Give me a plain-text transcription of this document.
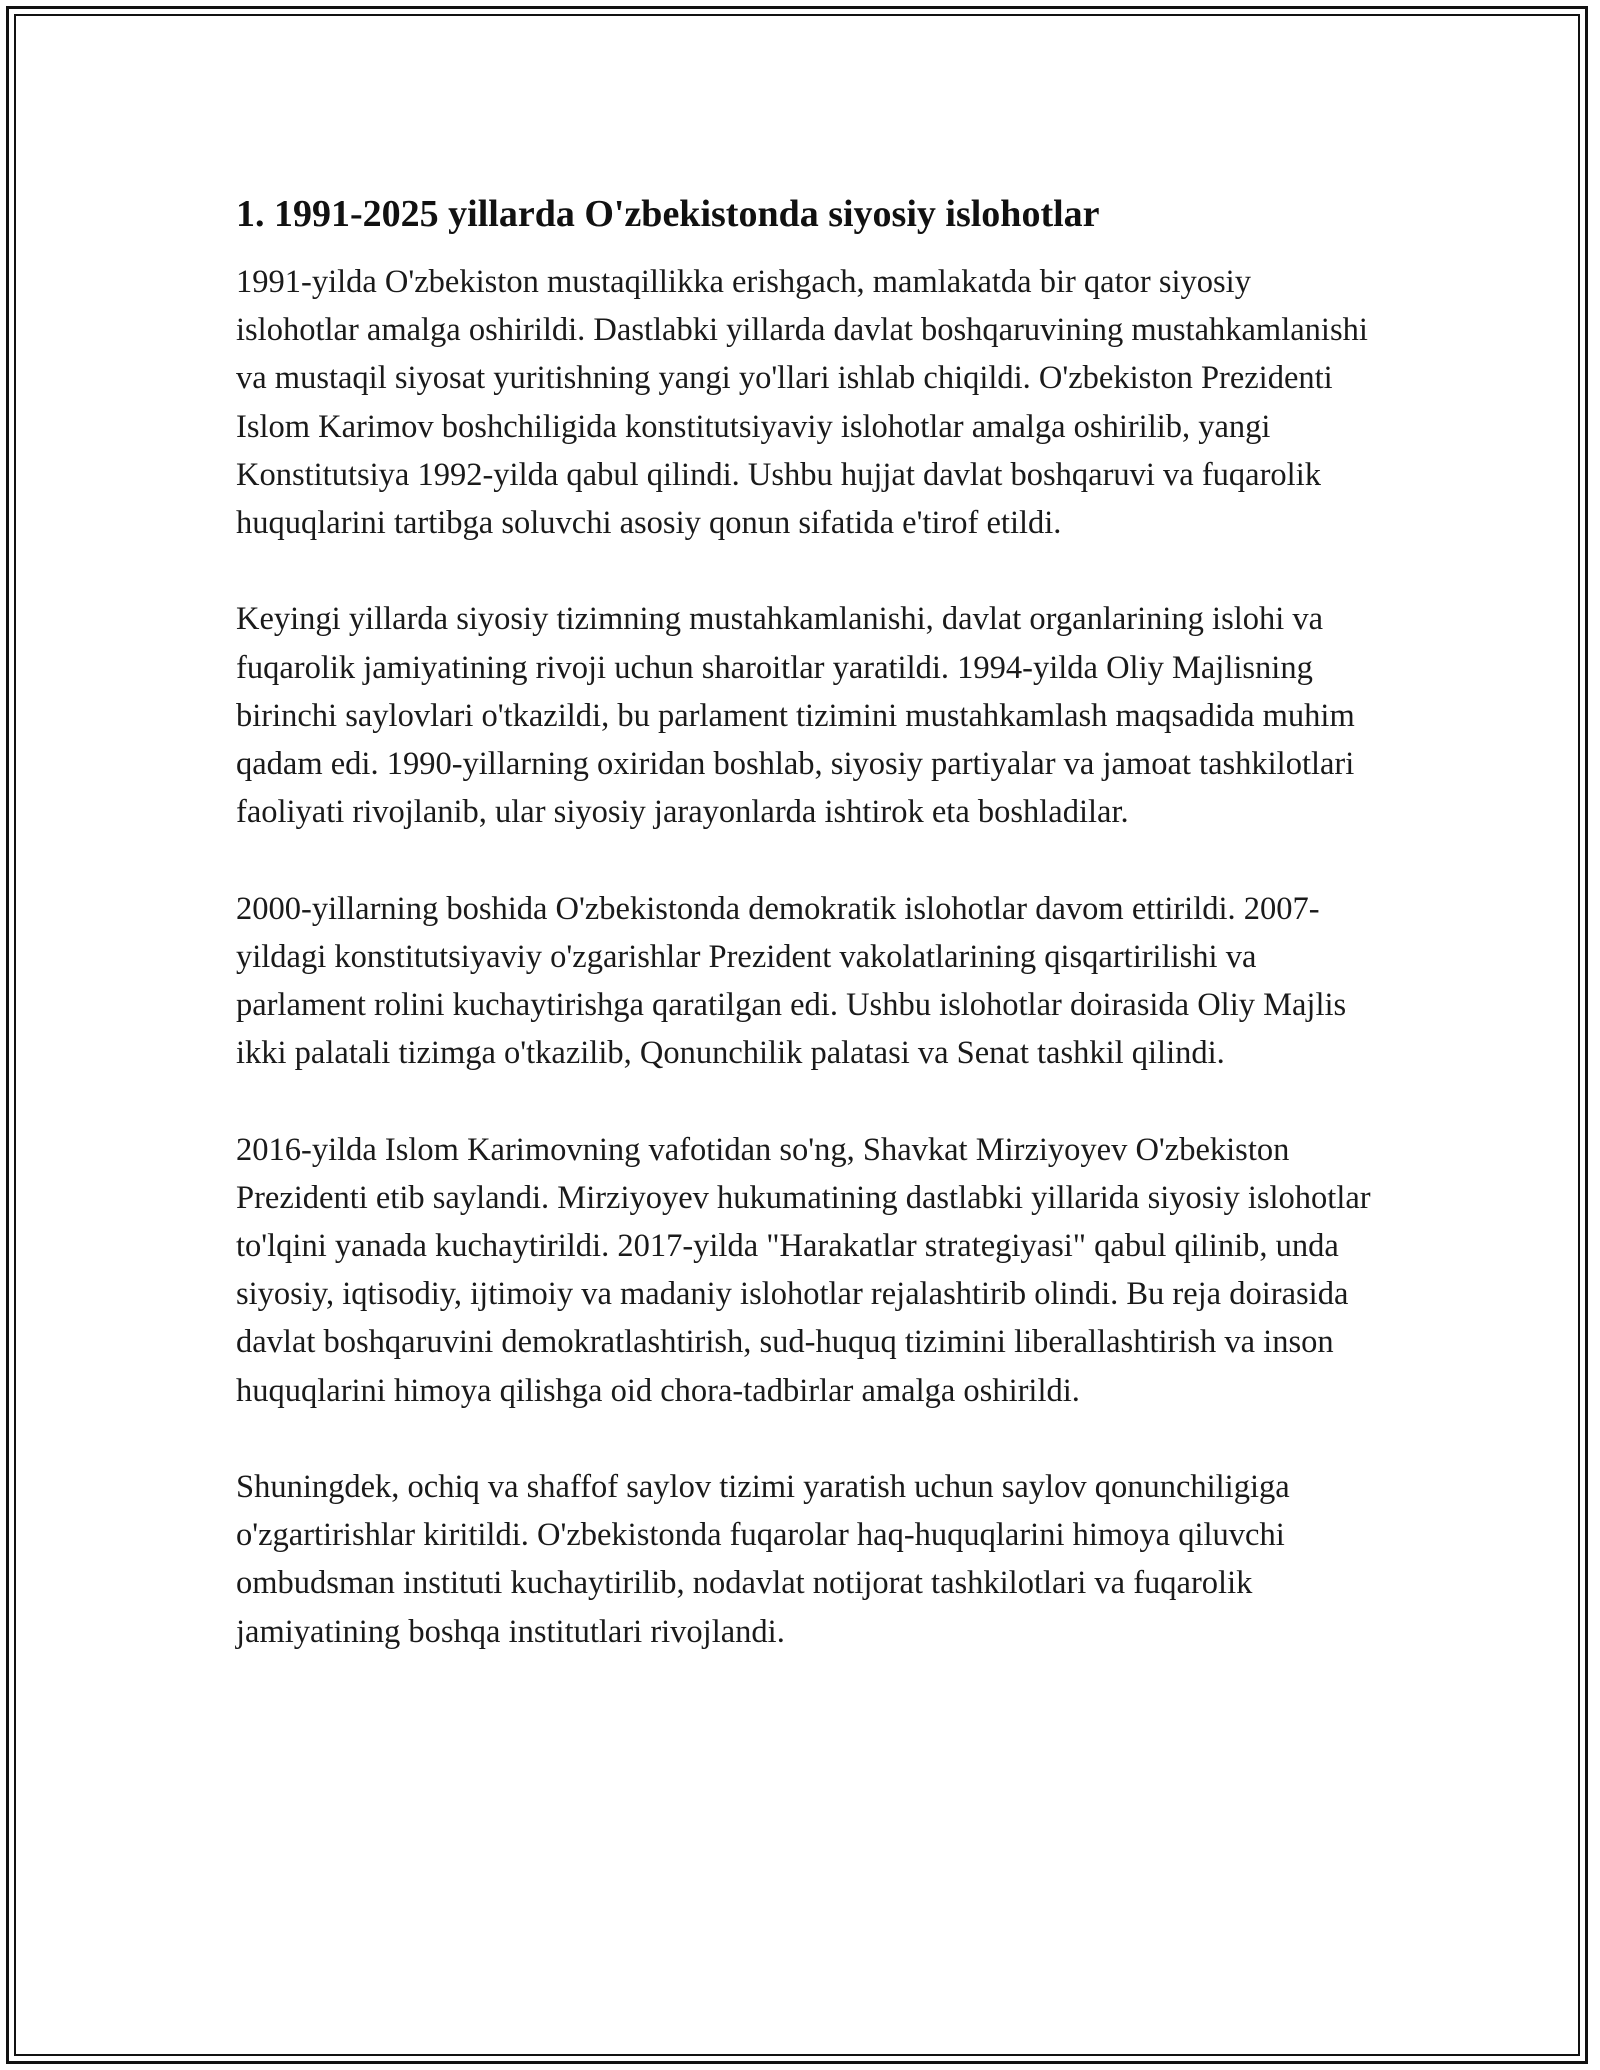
1. 1991-2025 yillarda O'zbekistonda siyosiy islohotlar

1991-yilda O'zbekiston mustaqillikka erishgach, mamlakatda bir qator siyosiy islohotlar amalga oshirildi. Dastlabki yillarda davlat boshqaruvining mustahkamlanishi va mustaqil siyosat yuritishning yangi yo'llari ishlab chiqildi. O'zbekiston Prezidenti Islom Karimov boshchiligida konstitutsiyaviy islohotlar amalga oshirilib, yangi Konstitutsiya 1992-yilda qabul qilindi. Ushbu hujjat davlat boshqaruvi va fuqarolik huquqlarini tartibga soluvchi asosiy qonun sifatida e'tirof etildi.

Keyingi yillarda siyosiy tizimning mustahkamlanishi, davlat organlarining islohi va fuqarolik jamiyatining rivoji uchun sharoitlar yaratildi. 1994-yilda Oliy Majlisning birinchi saylovlari o'tkazildi, bu parlament tizimini mustahkamlash maqsadida muhim qadam edi. 1990-yillarning oxiridan boshlab, siyosiy partiyalar va jamoat tashkilotlari faoliyati rivojlanib, ular siyosiy jarayonlarda ishtirok eta boshladilar.

2000-yillarning boshida O'zbekistonda demokratik islohotlar davom ettirildi. 2007-yildagi konstitutsiyaviy o'zgarishlar Prezident vakolatlarining qisqartirilishi va parlament rolini kuchaytirishga qaratilgan edi. Ushbu islohotlar doirasida Oliy Majlis ikki palatali tizimga o'tkazilib, Qonunchilik palatasi va Senat tashkil qilindi.

2016-yilda Islom Karimovning vafotidan so'ng, Shavkat Mirziyoyev O'zbekiston Prezidenti etib saylandi. Mirziyoyev hukumatining dastlabki yillarida siyosiy islohotlar to'lqini yanada kuchaytirildi. 2017-yilda "Harakatlar strategiyasi" qabul qilinib, unda siyosiy, iqtisodiy, ijtimoiy va madaniy islohotlar rejalashtirib olindi. Bu reja doirasida davlat boshqaruvini demokratlashtirish, sud-huquq tizimini liberallashtirish va inson huquqlarini himoya qilishga oid chora-tadbirlar amalga oshirildi.

Shuningdek, ochiq va shaffof saylov tizimi yaratish uchun saylov qonunchiligiga o'zgartirishlar kiritildi. O'zbekistonda fuqarolar haq-huquqlarini himoya qiluvchi ombudsman instituti kuchaytirilib, nodavlat notijorat tashkilotlari va fuqarolik jamiyatining boshqa institutlari rivojlandi.
